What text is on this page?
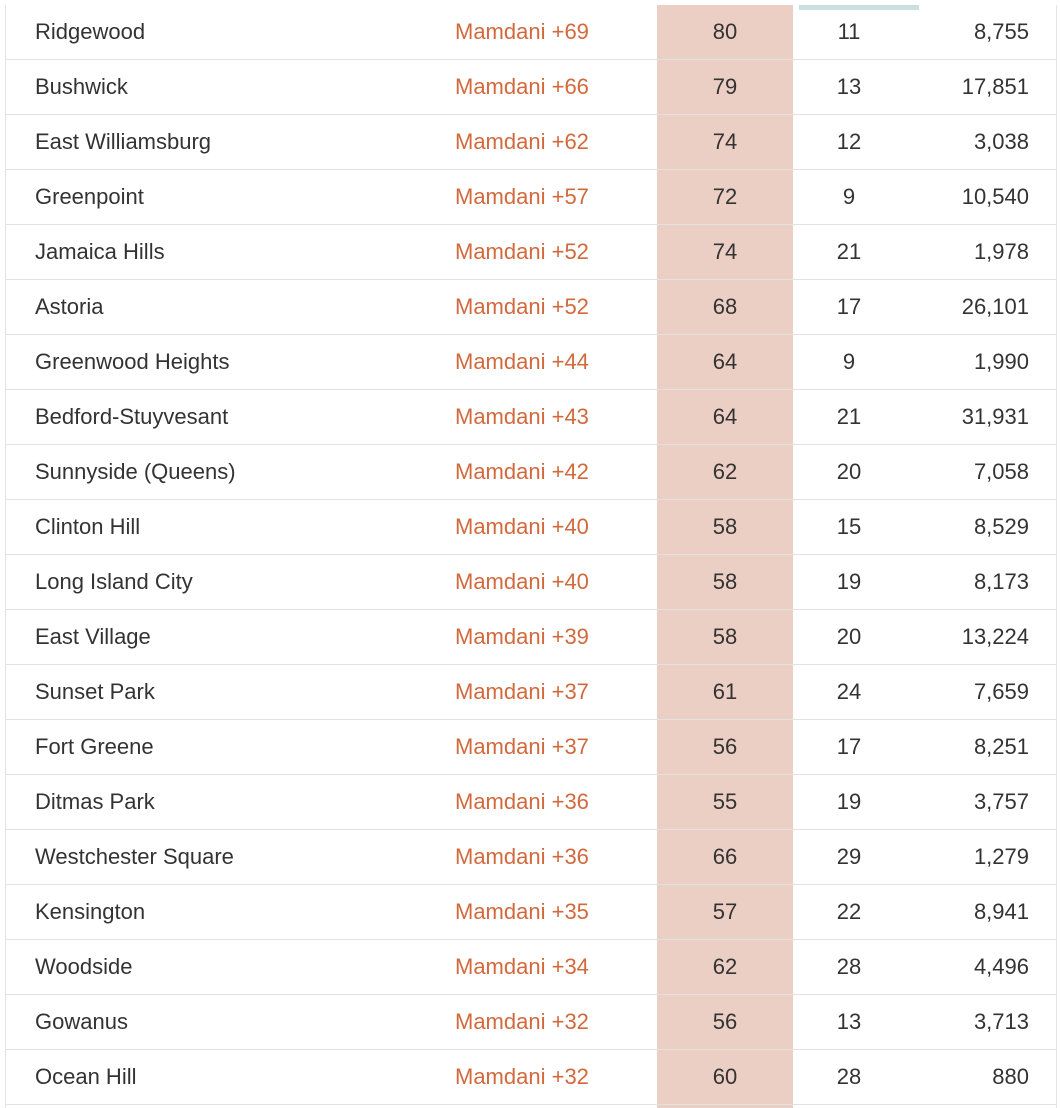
Ridgewood	Mamdani +69	80	11	8,755
Bushwick	Mamdani +66	79	13	17,851
East Williamsburg	Mamdani +62	74	12	3,038
Greenpoint	Mamdani +57	72	9	10,540
Jamaica Hills	Mamdani +52	74	21	1,978
Astoria	Mamdani +52	68	17	26,101
Greenwood Heights	Mamdani +44	64	9	1,990
Bedford-Stuyvesant	Mamdani +43	64	21	31,931
Sunnyside (Queens)	Mamdani +42	62	20	7,058
Clinton Hill	Mamdani +40	58	15	8,529
Long Island City	Mamdani +40	58	19	8,173
East Village	Mamdani +39	58	20	13,224
Sunset Park	Mamdani +37	61	24	7,659
Fort Greene	Mamdani +37	56	17	8,251
Ditmas Park	Mamdani +36	55	19	3,757
Westchester Square	Mamdani +36	66	29	1,279
Kensington	Mamdani +35	57	22	8,941
Woodside	Mamdani +34	62	28	4,496
Gowanus	Mamdani +32	56	13	3,713
Ocean Hill	Mamdani +32	60	28	880
